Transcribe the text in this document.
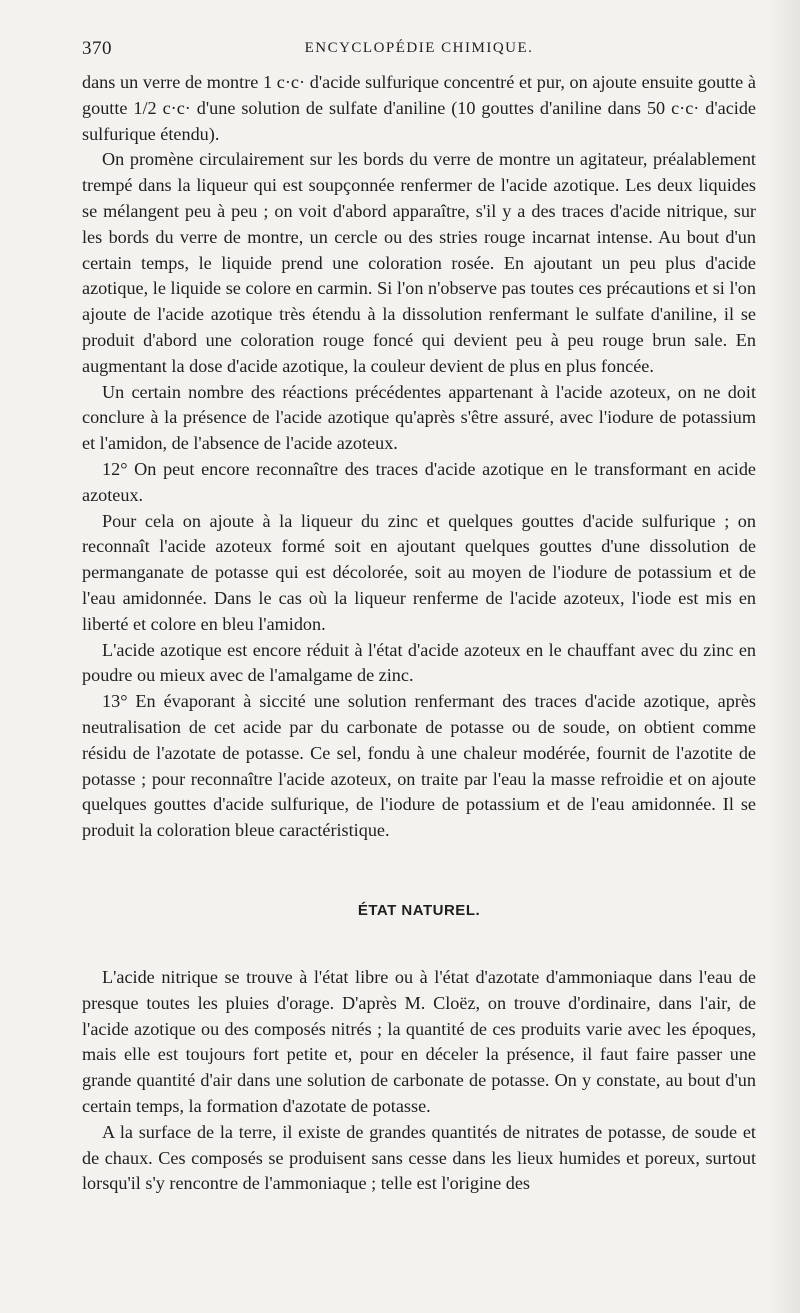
370	ENCYCLOPÉDIE CHIMIQUE.

dans un verre de montre 1 c·c· d'acide sulfurique concentré et pur, on ajoute ensuite goutte à goutte 1/2 c·c· d'une solution de sulfate d'aniline (10 gouttes d'aniline dans 50 c·c· d'acide sulfurique étendu).

On promène circulairement sur les bords du verre de montre un agitateur, préalablement trempé dans la liqueur qui est soupçonnée renfermer de l'acide azotique. Les deux liquides se mélangent peu à peu ; on voit d'abord apparaître, s'il y a des traces d'acide nitrique, sur les bords du verre de montre, un cercle ou des stries rouge incarnat intense. Au bout d'un certain temps, le liquide prend une coloration rosée. En ajoutant un peu plus d'acide azotique, le liquide se colore en carmin. Si l'on n'observe pas toutes ces précautions et si l'on ajoute de l'acide azotique très étendu à la dissolution renfermant le sulfate d'aniline, il se produit d'abord une coloration rouge foncé qui devient peu à peu rouge brun sale. En augmentant la dose d'acide azotique, la couleur devient de plus en plus foncée.

Un certain nombre des réactions précédentes appartenant à l'acide azoteux, on ne doit conclure à la présence de l'acide azotique qu'après s'être assuré, avec l'iodure de potassium et l'amidon, de l'absence de l'acide azoteux.

12° On peut encore reconnaître des traces d'acide azotique en le transformant en acide azoteux.

Pour cela on ajoute à la liqueur du zinc et quelques gouttes d'acide sulfurique ; on reconnaît l'acide azoteux formé soit en ajoutant quelques gouttes d'une dissolution de permanganate de potasse qui est décolorée, soit au moyen de l'iodure de potassium et de l'eau amidonnée. Dans le cas où la liqueur renferme de l'acide azoteux, l'iode est mis en liberté et colore en bleu l'amidon.

L'acide azotique est encore réduit à l'état d'acide azoteux en le chauffant avec du zinc en poudre ou mieux avec de l'amalgame de zinc.

13° En évaporant à siccité une solution renfermant des traces d'acide azotique, après neutralisation de cet acide par du carbonate de potasse ou de soude, on obtient comme résidu de l'azotate de potasse. Ce sel, fondu à une chaleur modérée, fournit de l'azotite de potasse ; pour reconnaître l'acide azoteux, on traite par l'eau la masse refroidie et on ajoute quelques gouttes d'acide sulfurique, de l'iodure de potassium et de l'eau amidonnée. Il se produit la coloration bleue caractéristique.

ÉTAT NATUREL.

L'acide nitrique se trouve à l'état libre ou à l'état d'azotate d'ammoniaque dans l'eau de presque toutes les pluies d'orage. D'après M. Cloëz, on trouve d'ordinaire, dans l'air, de l'acide azotique ou des composés nitrés ; la quantité de ces produits varie avec les époques, mais elle est toujours fort petite et, pour en déceler la présence, il faut faire passer une grande quantité d'air dans une solution de carbonate de potasse. On y constate, au bout d'un certain temps, la formation d'azotate de potasse.

A la surface de la terre, il existe de grandes quantités de nitrates de potasse, de soude et de chaux. Ces composés se produisent sans cesse dans les lieux humides et poreux, surtout lorsqu'il s'y rencontre de l'ammoniaque ; telle est l'origine des
